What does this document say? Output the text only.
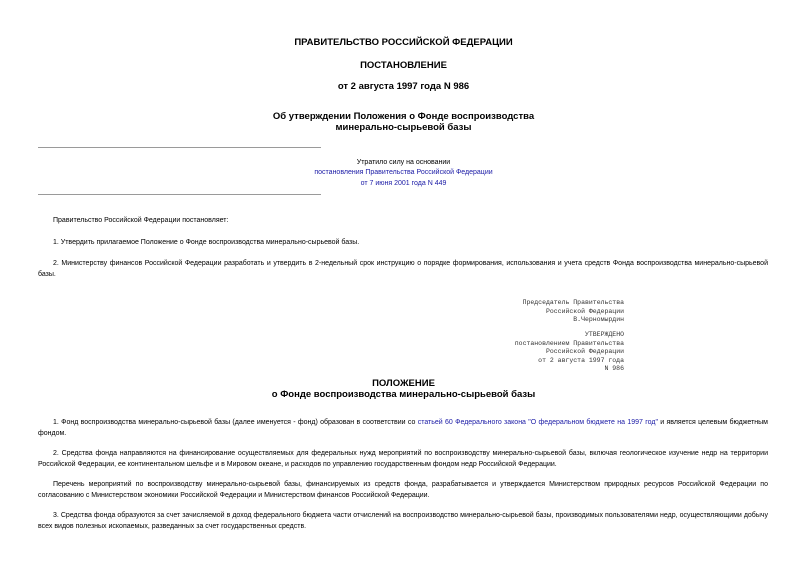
ПРАВИТЕЛЬСТВО РОССИЙСКОЙ ФЕДЕРАЦИИ
ПОСТАНОВЛЕНИЕ
от 2 августа 1997 года N 986
Об утверждении Положения о Фонде воспроизводства
минерально-сырьевой базы
Утратило силу на основании
постановления Правительства Российской Федерации
от 7 июня 2001 года N 449
Правительство Российской Федерации постановляет:
1. Утвердить прилагаемое Положение о Фонде воспроизводства минерально-сырьевой базы.
2. Министерству финансов Российской Федерации разработать и утвердить в 2-недельный срок инструкцию о порядке формирования, использования и учета средств Фонда воспроизводства минерально-сырьевой базы.
Председатель Правительства
Российской Федерации
В.Черномырдин
УТВЕРЖДЕНО
постановлением Правительства
Российской Федерации
от 2 августа 1997 года
N 986
ПОЛОЖЕНИЕ
о Фонде воспроизводства минерально-сырьевой базы
1. Фонд воспроизводства минерально-сырьевой базы (далее именуется - фонд) образован в соответствии со статьей 60 Федерального закона "О федеральном бюджете на 1997 год" и является целевым бюджетным фондом.
2. Средства фонда направляются на финансирование осуществляемых для федеральных нужд мероприятий по воспроизводству минерально-сырьевой базы, включая геологическое изучение недр на территории Российской Федерации, ее континентальном шельфе и в Мировом океане, и расходов по управлению государственным фондом недр Российской Федерации.
Перечень мероприятий по воспроизводству минерально-сырьевой базы, финансируемых из средств фонда, разрабатывается и утверждается Министерством природных ресурсов Российской Федерации по согласованию с Министерством экономики Российской Федерации и Министерством финансов Российской Федерации.
3. Средства фонда образуются за счет зачисляемой в доход федерального бюджета части отчислений на воспроизводство минерально-сырьевой базы, производимых пользователями недр, осуществляющими добычу всех видов полезных ископаемых, разведанных за счет государственных средств.
